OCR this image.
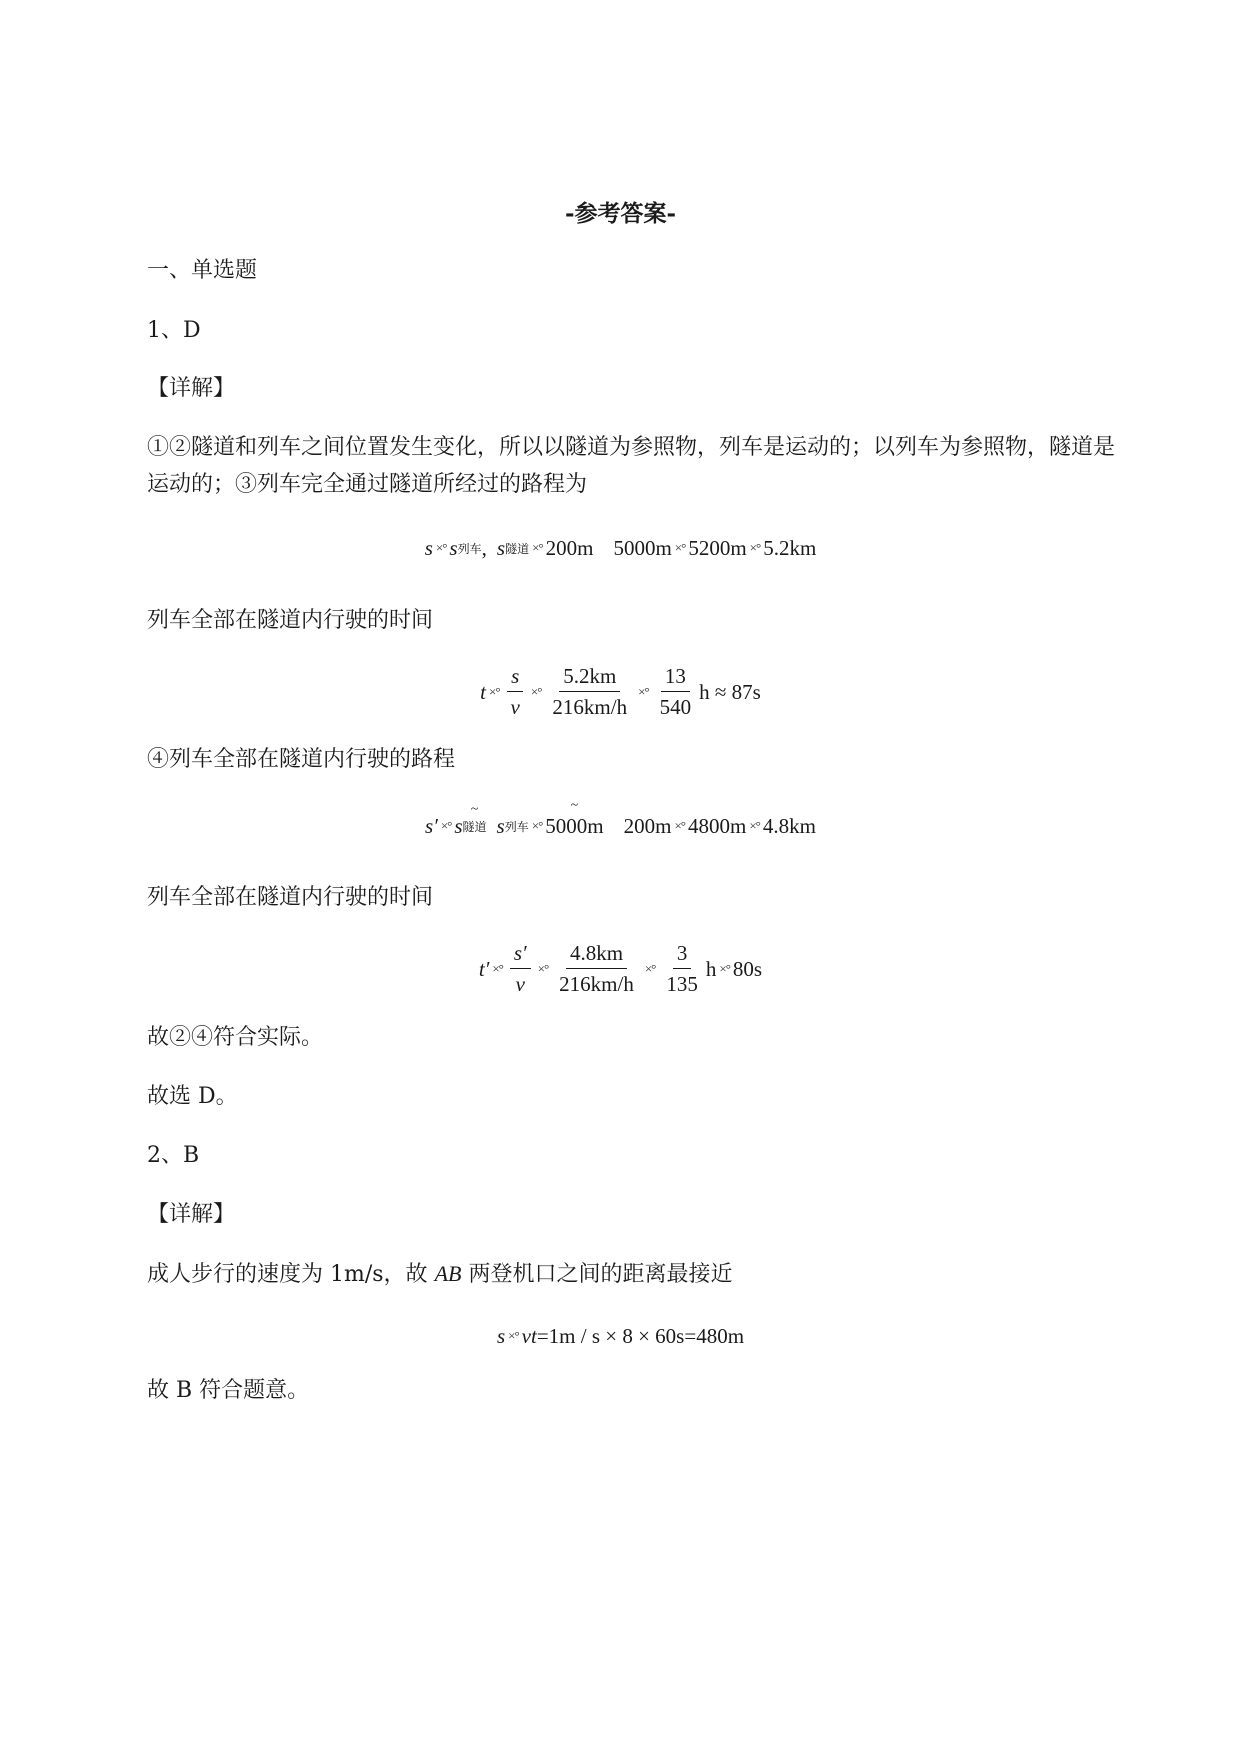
-参考答案-
一、单选题
1、D
【详解】
①②隧道和列车之间位置发生变化，所以以隧道为参照物，列车是运动的；以列车为参照物，隧道是
运动的；③列车完全通过隧道所经过的路程为
s ×° s 列车 , s 隧道 ×° 200m 5000m ×° 5200m ×° 5.2km
列车全部在隧道内行驶的时间
t ×° $\frac{s}{v}$ ×° $\frac{5.2km}{216km/h}$ ×° $\frac{13}{540}$ h ≈ 87s
④列车全部在隧道内行驶的路程
s′ ×° s 隧道 ~ s 列车 ×° 5000m ~ 200m ×° 4800m ×° 4.8km
列车全部在隧道内行驶的时间
t′ ×° $\frac{s'}{v}$ ×° $\frac{4.8km}{216km/h}$ ×° $\frac{3}{135}$ h ×° 80s
故②④符合实际。
故选 D。
2、B
【详解】
成人步行的速度为 1m/s，故 AB 两登机口之间的距离最接近
s ×° vt =1m / s × 8 × 60s=480m
故 B 符合题意。
